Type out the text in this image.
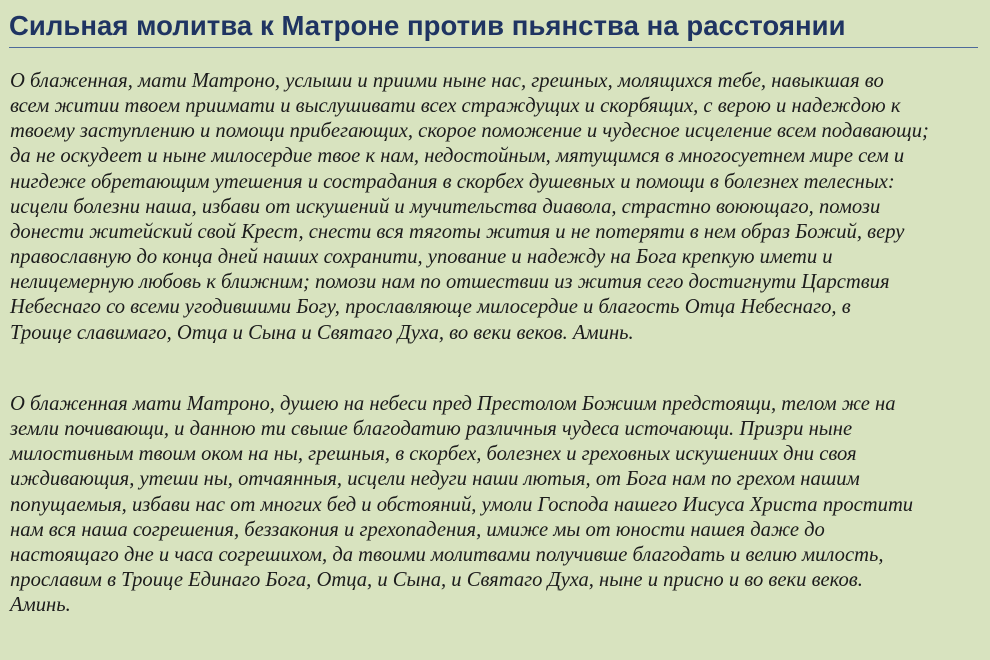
Сильная молитва к Матроне против пьянства на расстоянии

О блаженная, мати Матроно, услыши и приими ныне нас, грешных, молящихся тебе, навыкшая во
всем житии твоем приимати и выслушивати всех страждущих и скорбящих, с верою и надеждою к
твоему заступлению и помощи прибегающих, скорое поможение и чудесное исцеление всем подавающи;
да не оскудеет и ныне милосердие твое к нам, недостойным, мятущимся в многосуетнем мире сем и
нигдеже обретающим утешения и сострадания в скорбех душевных и помощи в болезнех телесных:
исцели болезни наша, избави от искушений и мучительства диавола, страстно воюющаго, помози
донести житейский свой Крест, снести вся тяготы жития и не потеряти в нем образ Божий, веру
православную до конца дней наших сохранити, упование и надежду на Бога крепкую имети и
нелицемерную любовь к ближним; помози нам по отшествии из жития сего достигнути Царствия
Небеснаго со всеми угодившими Богу, прославляюще милосердие и благость Отца Небеснаго, в
Троице славимаго, Отца и Сына и Святаго Духа, во веки веков. Аминь.

О блаженная мати Матроно, душею на небеси пред Престолом Божиим предстоящи, телом же на
земли почивающи, и данною ти свыше благодатию различныя чудеса источающи. Призри ныне
милостивным твоим оком на ны, грешныя, в скорбех, болезнех и греховных искушениих дни своя
иждивающия, утеши ны, отчаянныя, исцели недуги наши лютыя, от Бога нам по грехом нашим
попущаемыя, избави нас от многих бед и обстояний, умоли Господа нашего Иисуса Христа простити
нам вся наша согрешения, беззакония и грехопадения, имиже мы от юности нашея даже до
настоящаго дне и часа согрешихом, да твоими молитвами получивше благодать и велию милость,
прославим в Троице Единаго Бога, Отца, и Сына, и Святаго Духа, ныне и присно и во веки веков.
Аминь.
